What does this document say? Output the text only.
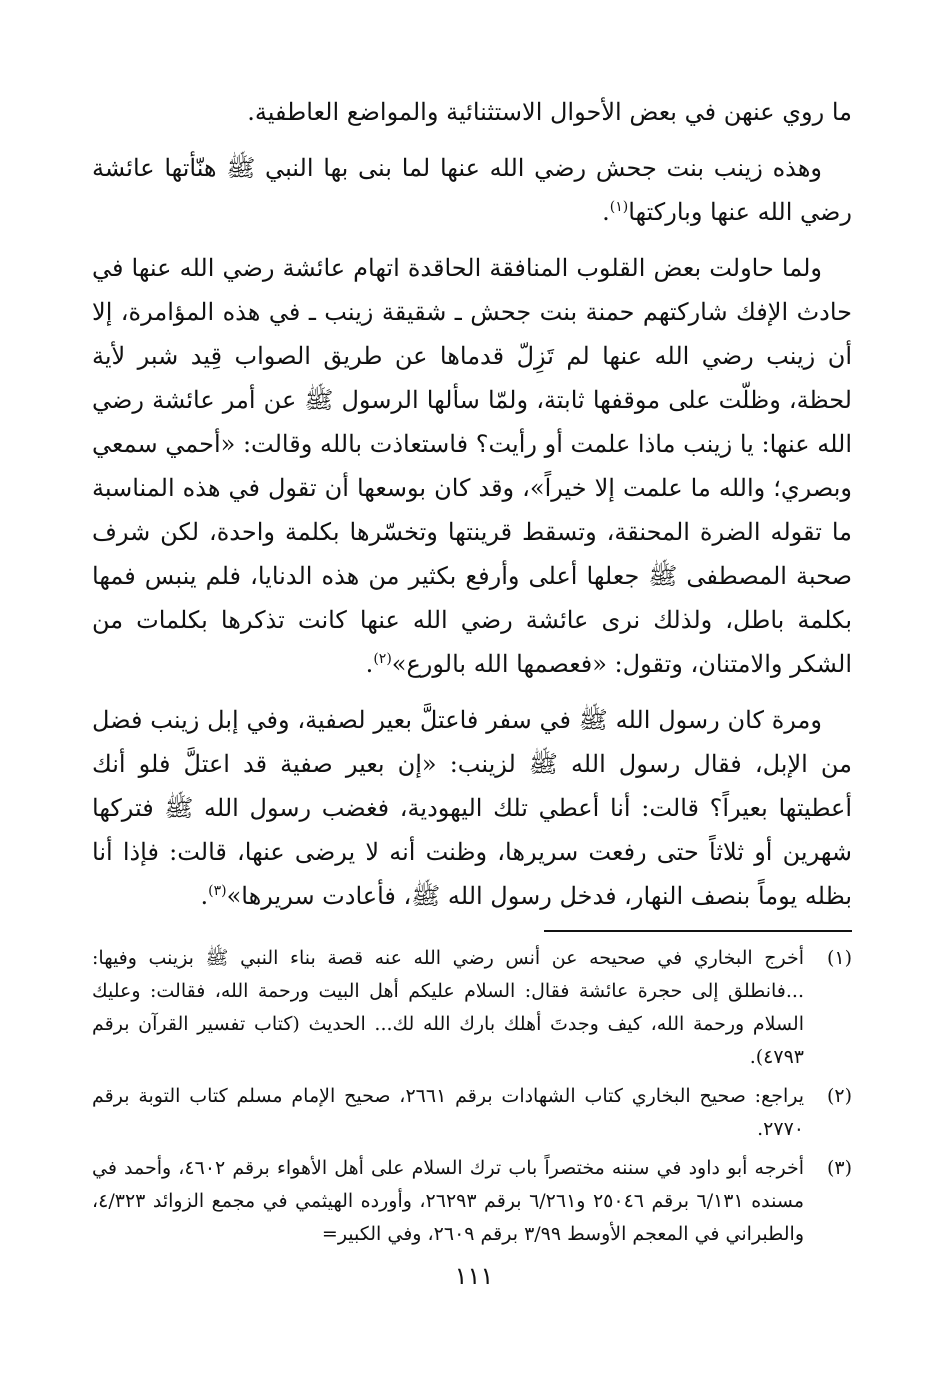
ما روي عنهن في بعض الأحوال الاستثنائية والمواضع العاطفية.

وهذه زينب بنت جحش رضي الله عنها لما بنى بها النبي ﷺ هنّأتها عائشة رضي الله عنها وباركتها$^{(١)}$.

ولما حاولت بعض القلوب المنافقة الحاقدة اتهام عائشة رضي الله عنها في حادث الإفك شاركتهم حمنة بنت جحش ـ شقيقة زينب ـ في هذه المؤامرة، إلا أن زينب رضي الله عنها لم تَزِلّ قدماها عن طريق الصواب قِيد شبر لأية لحظة، وظلّت على موقفها ثابتة، ولمّا سألها الرسول ﷺ عن أمر عائشة رضي الله عنها: يا زينب ماذا علمت أو رأيت؟ فاستعاذت بالله وقالت: «أحمي سمعي وبصري؛ والله ما علمت إلا خيراً»، وقد كان بوسعها أن تقول في هذه المناسبة ما تقوله الضرة المحنقة، وتسقط قرينتها وتخسّرها بكلمة واحدة، لكن شرف صحبة المصطفى ﷺ جعلها أعلى وأرفع بكثير من هذه الدنايا، فلم ينبس فمها بكلمة باطل، ولذلك نرى عائشة رضي الله عنها كانت تذكرها بكلمات من الشكر والامتنان، وتقول: «فعصمها الله بالورع»$^{(٢)}$.

ومرة كان رسول الله ﷺ في سفر فاعتلَّ بعير لصفية، وفي إبل زينب فضل من الإبل، فقال رسول الله ﷺ لزينب: «إن بعير صفية قد اعتلَّ فلو أنك أعطيتها بعيراً؟ قالت: أنا أعطي تلك اليهودية، فغضب رسول الله ﷺ فتركها شهرين أو ثلاثاً حتى رفعت سريرها، وظنت أنه لا يرضى عنها، قالت: فإذا أنا بظله يوماً بنصف النهار، فدخل رسول الله ﷺ، فأعادت سريرها»$^{(٣)}$.

(١)
أخرج البخاري في صحيحه عن أنس رضي الله عنه قصة بناء النبي ﷺ بزينب وفيها: ...فانطلق إلى حجرة عائشة فقال: السلام عليكم أهل البيت ورحمة الله، فقالت: وعليك السلام ورحمة الله، كيف وجدتَ أهلك بارك الله لك... الحديث (كتاب تفسير القرآن برقم ٤٧٩٣).
(٢)
يراجع: صحيح البخاري كتاب الشهادات برقم ٢٦٦١، صحيح الإمام مسلم كتاب التوبة برقم ٢٧٧٠.
(٣)
أخرجه أبو داود في سننه مختصراً باب ترك السلام على أهل الأهواء برقم ٤٦٠٢، وأحمد في مسنده ٦/١٣١ برقم ٢٥٠٤٦ و٦/٢٦١ برقم ٢٦٢٩٣، وأورده الهيثمي في مجمع الزوائد ٤/٣٢٣، والطبراني في المعجم الأوسط ٣/٩٩ برقم ٢٦٠٩، وفي الكبير=
١١١
